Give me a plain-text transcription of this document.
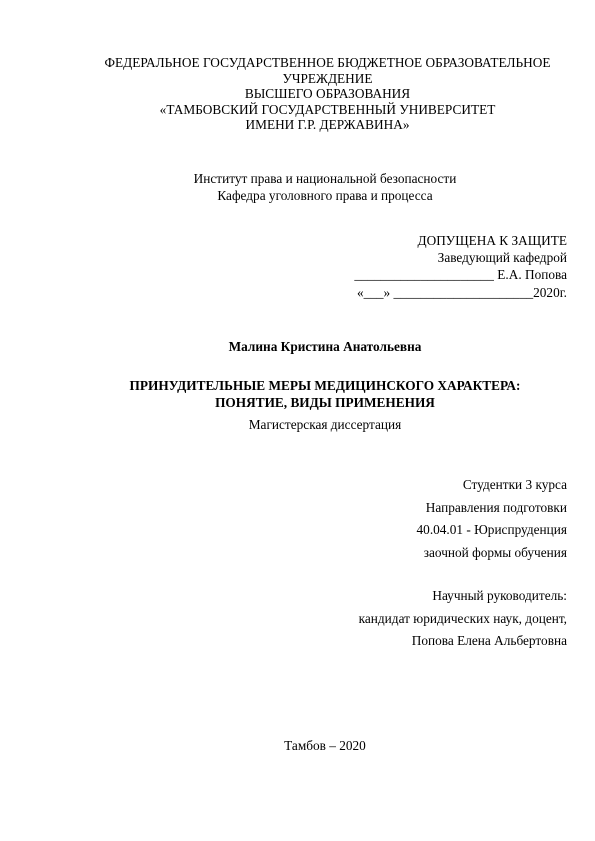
ФЕДЕРАЛЬНОЕ ГОСУДАРСТВЕННОЕ БЮДЖЕТНОЕ ОБРАЗОВАТЕЛЬНОЕ
УЧРЕЖДЕНИЕ
ВЫСШЕГО ОБРАЗОВАНИЯ
«ТАМБОВСКИЙ ГОСУДАРСТВЕННЫЙ УНИВЕРСИТЕТ
ИМЕНИ Г.Р. ДЕРЖАВИНА»
Институт права и национальной безопасности
Кафедра уголовного права и процесса
ДОПУЩЕНА К ЗАЩИТЕ
Заведующий кафедрой
_____________________ Е.А. Попова
«___» _____________________2020г.
Малина Кристина Анатольевна
ПРИНУДИТЕЛЬНЫЕ МЕРЫ МЕДИЦИНСКОГО ХАРАКТЕРА:
ПОНЯТИЕ, ВИДЫ ПРИМЕНЕНИЯ
Магистерская диссертация
Студентки 3 курса
Направления подготовки
40.04.01 - Юриспруденция
заочной формы обучения
Научный руководитель:
кандидат юридических наук, доцент,
Попова Елена Альбертовна
Тамбов – 2020
